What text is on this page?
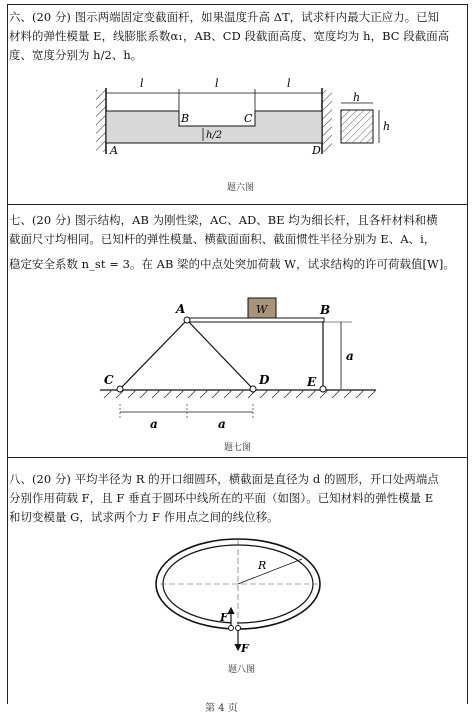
六、(20 分) 图示两端固定变截面杆，如果温度升高 ΔT，试求杆内最大正应力。已知
材料的弹性模量 E，线膨胀系数α₁，AB、CD 段截面高度、宽度均为 h，BC 段截面高
度、宽度分别为 h/2、h。
l	l	l
h/2
A
B	C
D
h
h
题六图
七、(20 分) 图示结构，AB 为刚性梁，AC、AD、BE 均为细长杆，且各杆材料和横
截面尺寸均相同。已知杆的弹性模量、横截面面积、截面惯性半径分别为 E、A、i，
稳定安全系数 n_st = 3。在 AB 梁的中点处突加荷载 W，试求结构的许可荷载值[W]。
W
A	B
C	D	E
a
a	a
题七图
八、(20 分) 平均半径为 R 的开口细圆环，横截面是直径为 d 的圆形，开口处两端点
分别作用荷载 F，且 F 垂直于圆环中线所在的平面（如图）。已知材料的弹性模量 E
和切变模量 G，试求两个力 F 作用点之间的线位移。
R
F
F
题八图
第 4 页
